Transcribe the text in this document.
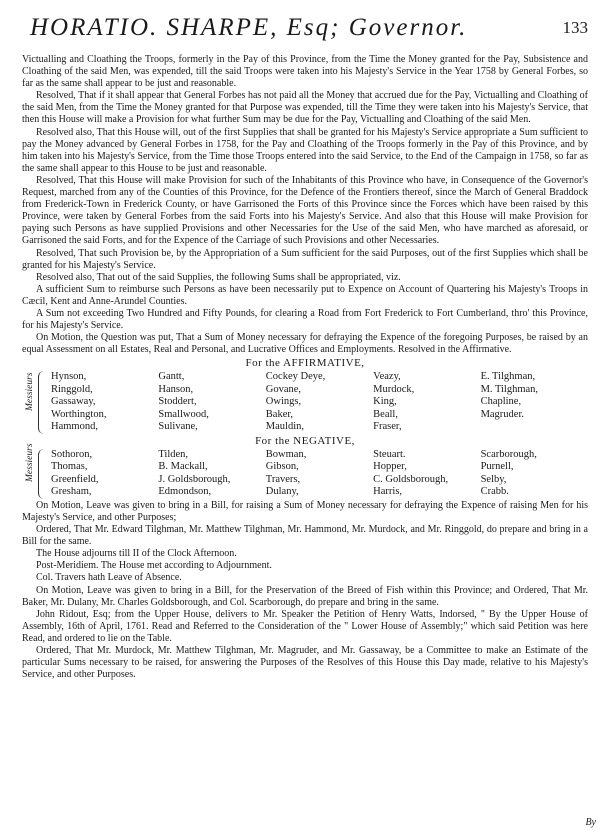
HORATIO. SHARPE, Esq; Governor.	133

Victualling and Cloathing the Troops, formerly in the Pay of this Province, from the Time the Money granted for the Pay, Subsistence and Cloathing of the said Men, was expended, till the said Troops were taken into his Majesty's Service in the Year 1758 by General Forbes, so far as the same shall appear to be just and reasonable.

Resolved, That if it shall appear that General Forbes has not paid all the Money that accrued due for the Pay, Victualling and Cloathing of the said Men, from the Time the Money granted for that Purpose was expended, till the Time they were taken into his Majesty's Service, that then this House will make a Provision for what further Sum may be due for the Pay, Victualling and Cloathing of the said Men.

Resolved also, That this House will, out of the first Supplies that shall be granted for his Majesty's Service appropriate a Sum sufficient to pay the Money advanced by General Forbes in 1758, for the Pay and Cloathing of the Troops formerly in the Pay of this Province, and by him taken into his Majesty's Service, from the Time those Troops entered into the said Service, to the End of the Campaign in 1758, so far as the same shall appear to this House to be just and reasonable.

Resolved, That this House will make Provision for such of the Inhabitants of this Province who have, in Consequence of the Governor's Request, marched from any of the Counties of this Province, for the Defence of the Frontiers thereof, since the March of General Braddock from Frederick-Town in Frederick County, or have Garrisoned the Forts of this Province since the Forces which have been raised by this Province, were taken by General Forbes from the said Forts into his Majesty's Service. And also that this House will make Provision for paying such Persons as have supplied Provisions and other Necessaries for the Use of the said Men, who have marched as aforesaid, or Garrisoned the said Forts, and for the Expence of the Carriage of such Provisions and other Necessaries.

Resolved, That such Provision be, by the Appropriation of a Sum sufficient for the said Purposes, out of the first Supplies which shall be granted for his Majesty's Service.

Resolved also, That out of the said Supplies, the following Sums shall be appropriated, viz.

A sufficient Sum to reimburse such Persons as have been necessarily put to Expence on Account of Quartering his Majesty's Troops in Cæcil, Kent and Anne-Arundel Counties.

A Sum not exceeding Two Hundred and Fifty Pounds, for clearing a Road from Fort Frederick to Fort Cumberland, thro' this Province, for his Majesty's Service.

On Motion, the Question was put, That a Sum of Money necessary for defraying the Expence of the foregoing Purposes, be raised by an equal Assessment on all Estates, Real and Personal, and Lucrative Offices and Employments. Resolved in the Affirmative.

For the AFFIRMATIVE,
Messieurs Hynson,
Ringgold,
Gassaway,
Worthington,
Hammond,
Gantt,
Hanson,
Stoddert,
Smallwood,
Sulivane,
Cockey Deye,
Govane,
Owings,
Baker,
Mauldin,
Veazy,
Murdock,
King,
Beall,
Fraser,
E. Tilghman,
M. Tilghman,
Chapline,
Magruder.
For the NEGATIVE,
Messieurs Sothoron,
Thomas,
Greenfield,
Gresham,
Tilden,
B. Mackall,
J. Goldsborough,
Edmondson,
Bowman,
Gibson,
Travers,
Dulany,
Steuart.
Hopper,
C. Goldsborough,
Harris,
Scarborough,
Purnell,
Selby,
Crabb.

On Motion, Leave was given to bring in a Bill, for raising a Sum of Money necessary for defraying the Expence of raising Men for his Majesty's Service, and other Purposes;

Ordered, That Mr. Edward Tilghman, Mr. Matthew Tilghman, Mr. Hammond, Mr. Murdock, and Mr. Ringgold, do prepare and bring in a Bill for the same.

The House adjourns till II of the Clock Afternoon.

Post-Meridiem. The House met according to Adjournment.

Col. Travers hath Leave of Absence.

On Motion, Leave was given to bring in a Bill, for the Preservation of the Breed of Fish within this Province; and Ordered, That Mr. Baker, Mr. Dulany, Mr. Charles Goldsborough, and Col. Scarborough, do prepare and bring in the same.

John Ridout, Esq; from the Upper House, delivers to Mr. Speaker the Petition of Henry Watts, Indorsed, " By the Upper House of Assembly, 16th of April, 1761. Read and Referred to the Consideration of the " Lower House of Assembly;" which said Petition was here Read, and ordered to lie on the Table.

Ordered, That Mr. Murdock, Mr. Matthew Tilghman, Mr. Magruder, and Mr. Gassaway, be a Committee to make an Estimate of the particular Sums necessary to be raised, for answering the Purposes of the Resolves of this House this Day made, relative to his Majesty's Service, and other Purposes.

By
